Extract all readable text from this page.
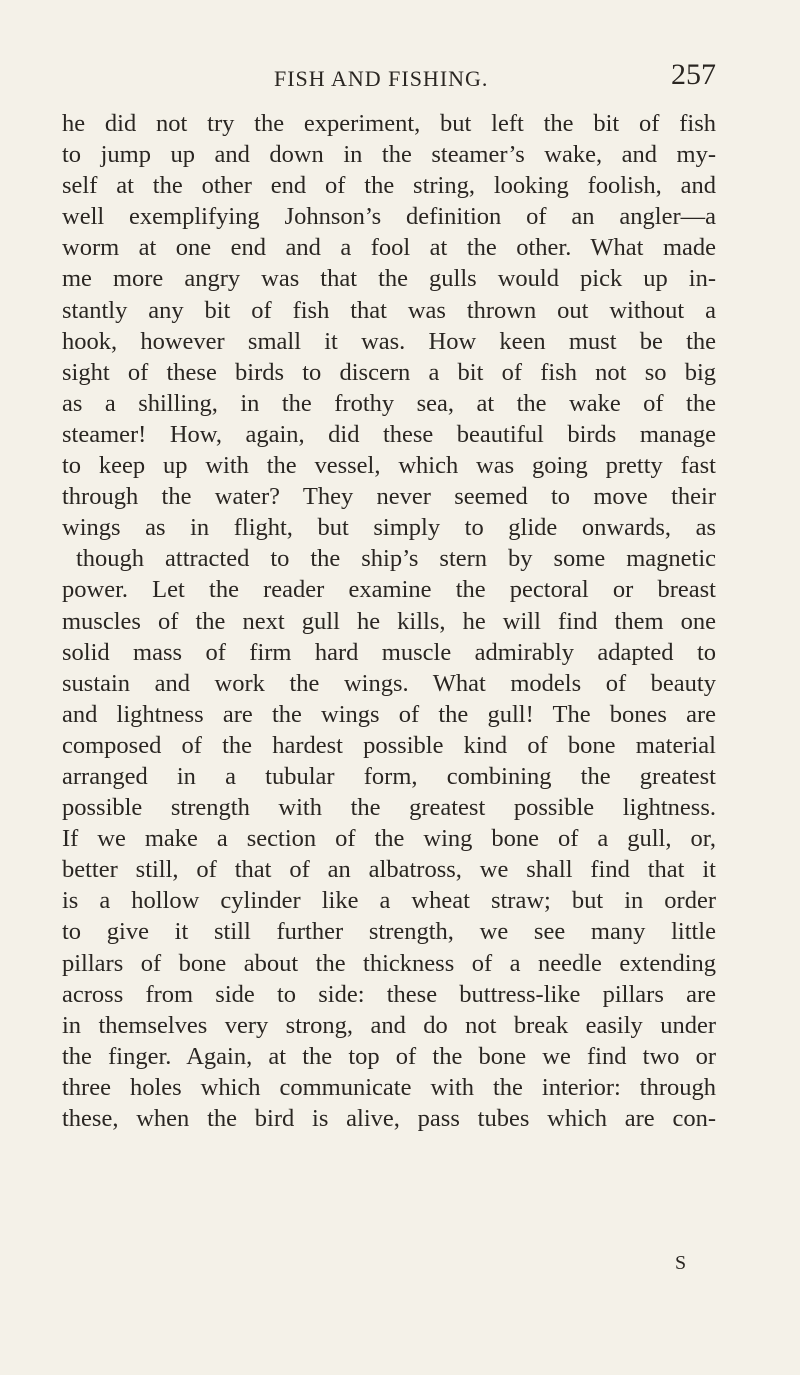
FISH AND FISHING.	257
he did not try the experiment, but left the bit of fish
to jump up and down in the steamer’s wake, and my-
self at the other end of the string, looking foolish, and
well exemplifying Johnson’s definition of an angler—a
worm at one end and a fool at the other. What made
me more angry was that the gulls would pick up in-
stantly any bit of fish that was thrown out without a
hook, however small it was. How keen must be the
sight of these birds to discern a bit of fish not so big
as a shilling, in the frothy sea, at the wake of the
steamer! How, again, did these beautiful birds manage
to keep up with the vessel, which was going pretty fast
through the water? They never seemed to move their
wings as in flight, but simply to glide onwards, as
though attracted to the ship’s stern by some magnetic
power. Let the reader examine the pectoral or breast
muscles of the next gull he kills, he will find them one
solid mass of firm hard muscle admirably adapted to
sustain and work the wings. What models of beauty
and lightness are the wings of the gull! The bones are
composed of the hardest possible kind of bone material
arranged in a tubular form, combining the greatest
possible strength with the greatest possible lightness.
If we make a section of the wing bone of a gull, or,
better still, of that of an albatross, we shall find that it
is a hollow cylinder like a wheat straw; but in order
to give it still further strength, we see many little
pillars of bone about the thickness of a needle extending
across from side to side: these buttress-like pillars are
in themselves very strong, and do not break easily under
the finger. Again, at the top of the bone we find two or
three holes which communicate with the interior: through
these, when the bird is alive, pass tubes which are con-
S
